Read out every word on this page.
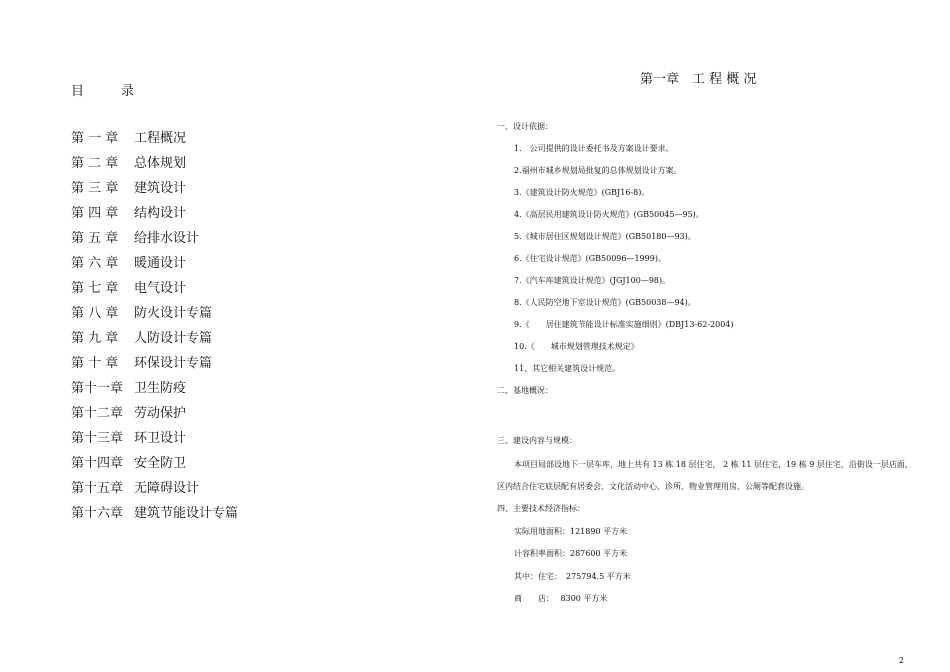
目	录
第 一 章 工程概况
第 二 章 总体规划
第 三 章 建筑设计
第 四 章 结构设计
第 五 章 给排水设计
第 六 章 暖通设计
第 七 章 电气设计
第 八 章 防火设计专篇
第 九 章 人防设计专篇
第 十 章 环保设计专篇
第十一章 卫生防疫
第十二章 劳动保护
第十三章 环卫设计
第十四章 安全防卫
第十五章 无障碍设计
第十六章 建筑节能设计专篇
第一章　工 程 概 况
一、设计依据：
1.　公司提供的设计委托书及方案设计要求。
2.福州市城乡规划局批复的总体规划设计方案。
3.《建筑设计防火规范》(GBJ16-8)。
4.《高层民用建筑设计防火规范》(GB50045—95)。
5.《城市居住区规划设计规范》(GB50180—93)。
6.《住宅设计规范》(GB50096—1999)。
7.《汽车库建筑设计规范》(JGJ100—98)。
8.《人民防空地下室设计规范》(GB50038—94)。
9.《　　居住建筑节能设计标准实施细则》(DBJ13-62-2004)
10.《　　城市规划管理技术规定》
11、其它相关建筑设计规范。
二、基地概况：
三、建设内容与规模：
本项目局部设地下一层车库，地上共有 13 栋 18 层住宅， 2 栋 11 层住宅，19 栋 9 层住宅，沿街设一层店面，
区内结合住宅底层配有居委会、文化活动中心、诊所、物业管理用房、公厕等配套设施。
四、主要技术经济指标：
实际用地面积：121890 平方米
计容积率面积：287600 平方米
其中：住宅：　275794.5 平方米
商　　店：　 8300 平方米
2
